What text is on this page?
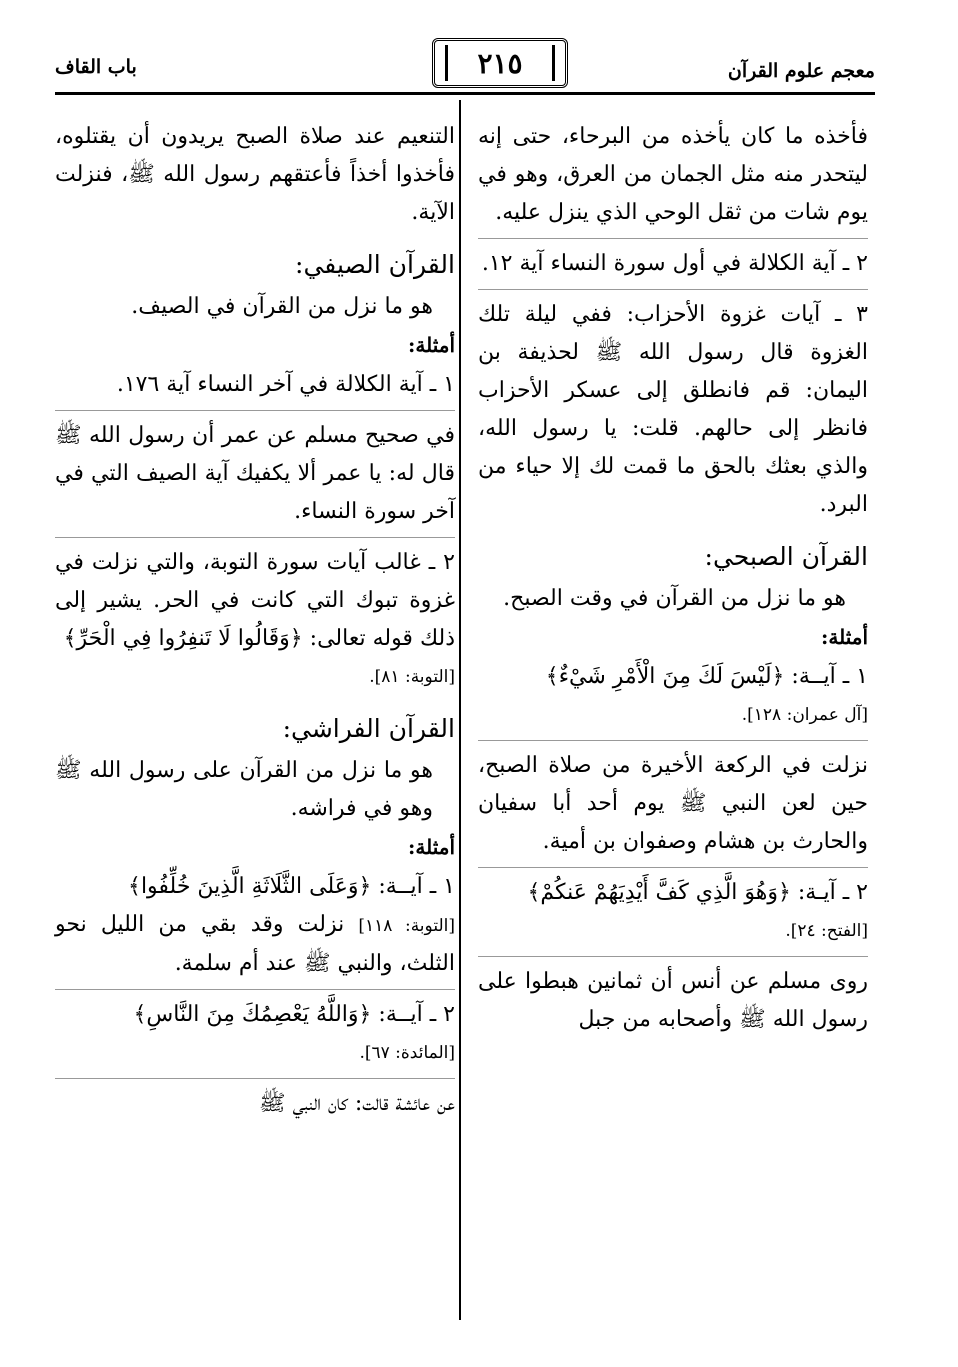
معجم علوم القرآن
٢١٥
باب القاف
فأخذه ما كان يأخذه من البرحاء، حتى إنه ليتحدر منه مثل الجمان من العرق، وهو في يوم شات من ثقل الوحي الذي ينزل عليه.
٢ ـ آية الكلالة في أول سورة النساء آية ١٢.
٣ ـ آيات غزوة الأحزاب: ففي ليلة تلك الغزوة قال رسول الله ﷺ لحذيفة بن اليمان: قم فانطلق إلى عسكر الأحزاب فانظر إلى حالهم. قلت: يا رسول الله، والذي بعثك بالحق ما قمت لك إلا حياء من البرد.
القرآن الصبحي:
هو ما نزل من القرآن في وقت الصبح.
أمثلة:
١ ـ آيــة: ﴿لَيْسَ لَكَ مِنَ الْأَمْرِ شَيْءٌ﴾
[آل عمران: ١٢٨].
نزلت في الركعة الأخيرة من صلاة الصبح، حين لعن النبي ﷺ يوم أحد أبا سفيان والحارث بن هشام وصفوان بن أمية.
٢ ـ آيـة: ﴿وَهُوَ الَّذِي كَفَّ أَيْدِيَهُمْ عَنكُمْ﴾
[الفتح: ٢٤].
روى مسلم عن أنس أن ثمانين هبطوا على رسول الله ﷺ وأصحابه من جبل
التنعيم عند صلاة الصبح يريدون أن يقتلوه، فأخذوا أخذاً فأعتقهم رسول الله ﷺ، فنزلت الآية.
القرآن الصيفي:
هو ما نزل من القرآن في الصيف.
أمثلة:
١ ـ آية الكلالة في آخر النساء آية ١٧٦.
في صحيح مسلم عن عمر أن رسول الله ﷺ قال له: يا عمر ألا يكفيك آية الصيف التي في آخر سورة النساء.
٢ ـ غالب آيات سورة التوبة، والتي نزلت في غزوة تبوك التي كانت في الحر. يشير إلى ذلك قوله تعالى: ﴿وَقَالُوا لَا تَنفِرُوا فِي الْحَرِّ﴾
[التوبة: ٨١].
القرآن الفراشي:
هو ما نزل من القرآن على رسول الله ﷺ وهو في فراشه.
أمثلة:
١ ـ آيــة: ﴿وَعَلَى الثَّلَاثَةِ الَّذِينَ خُلِّفُوا﴾
[التوبة: ١١٨] نزلت وقد بقي من الليل نحو الثلث، والنبي ﷺ عند أم سلمة.
٢ ـ آيــة: ﴿وَاللَّهُ يَعْصِمُكَ مِنَ النَّاسِ﴾
[المائدة: ٦٧].
عن عائشة قالت: كان النبي ﷺ
